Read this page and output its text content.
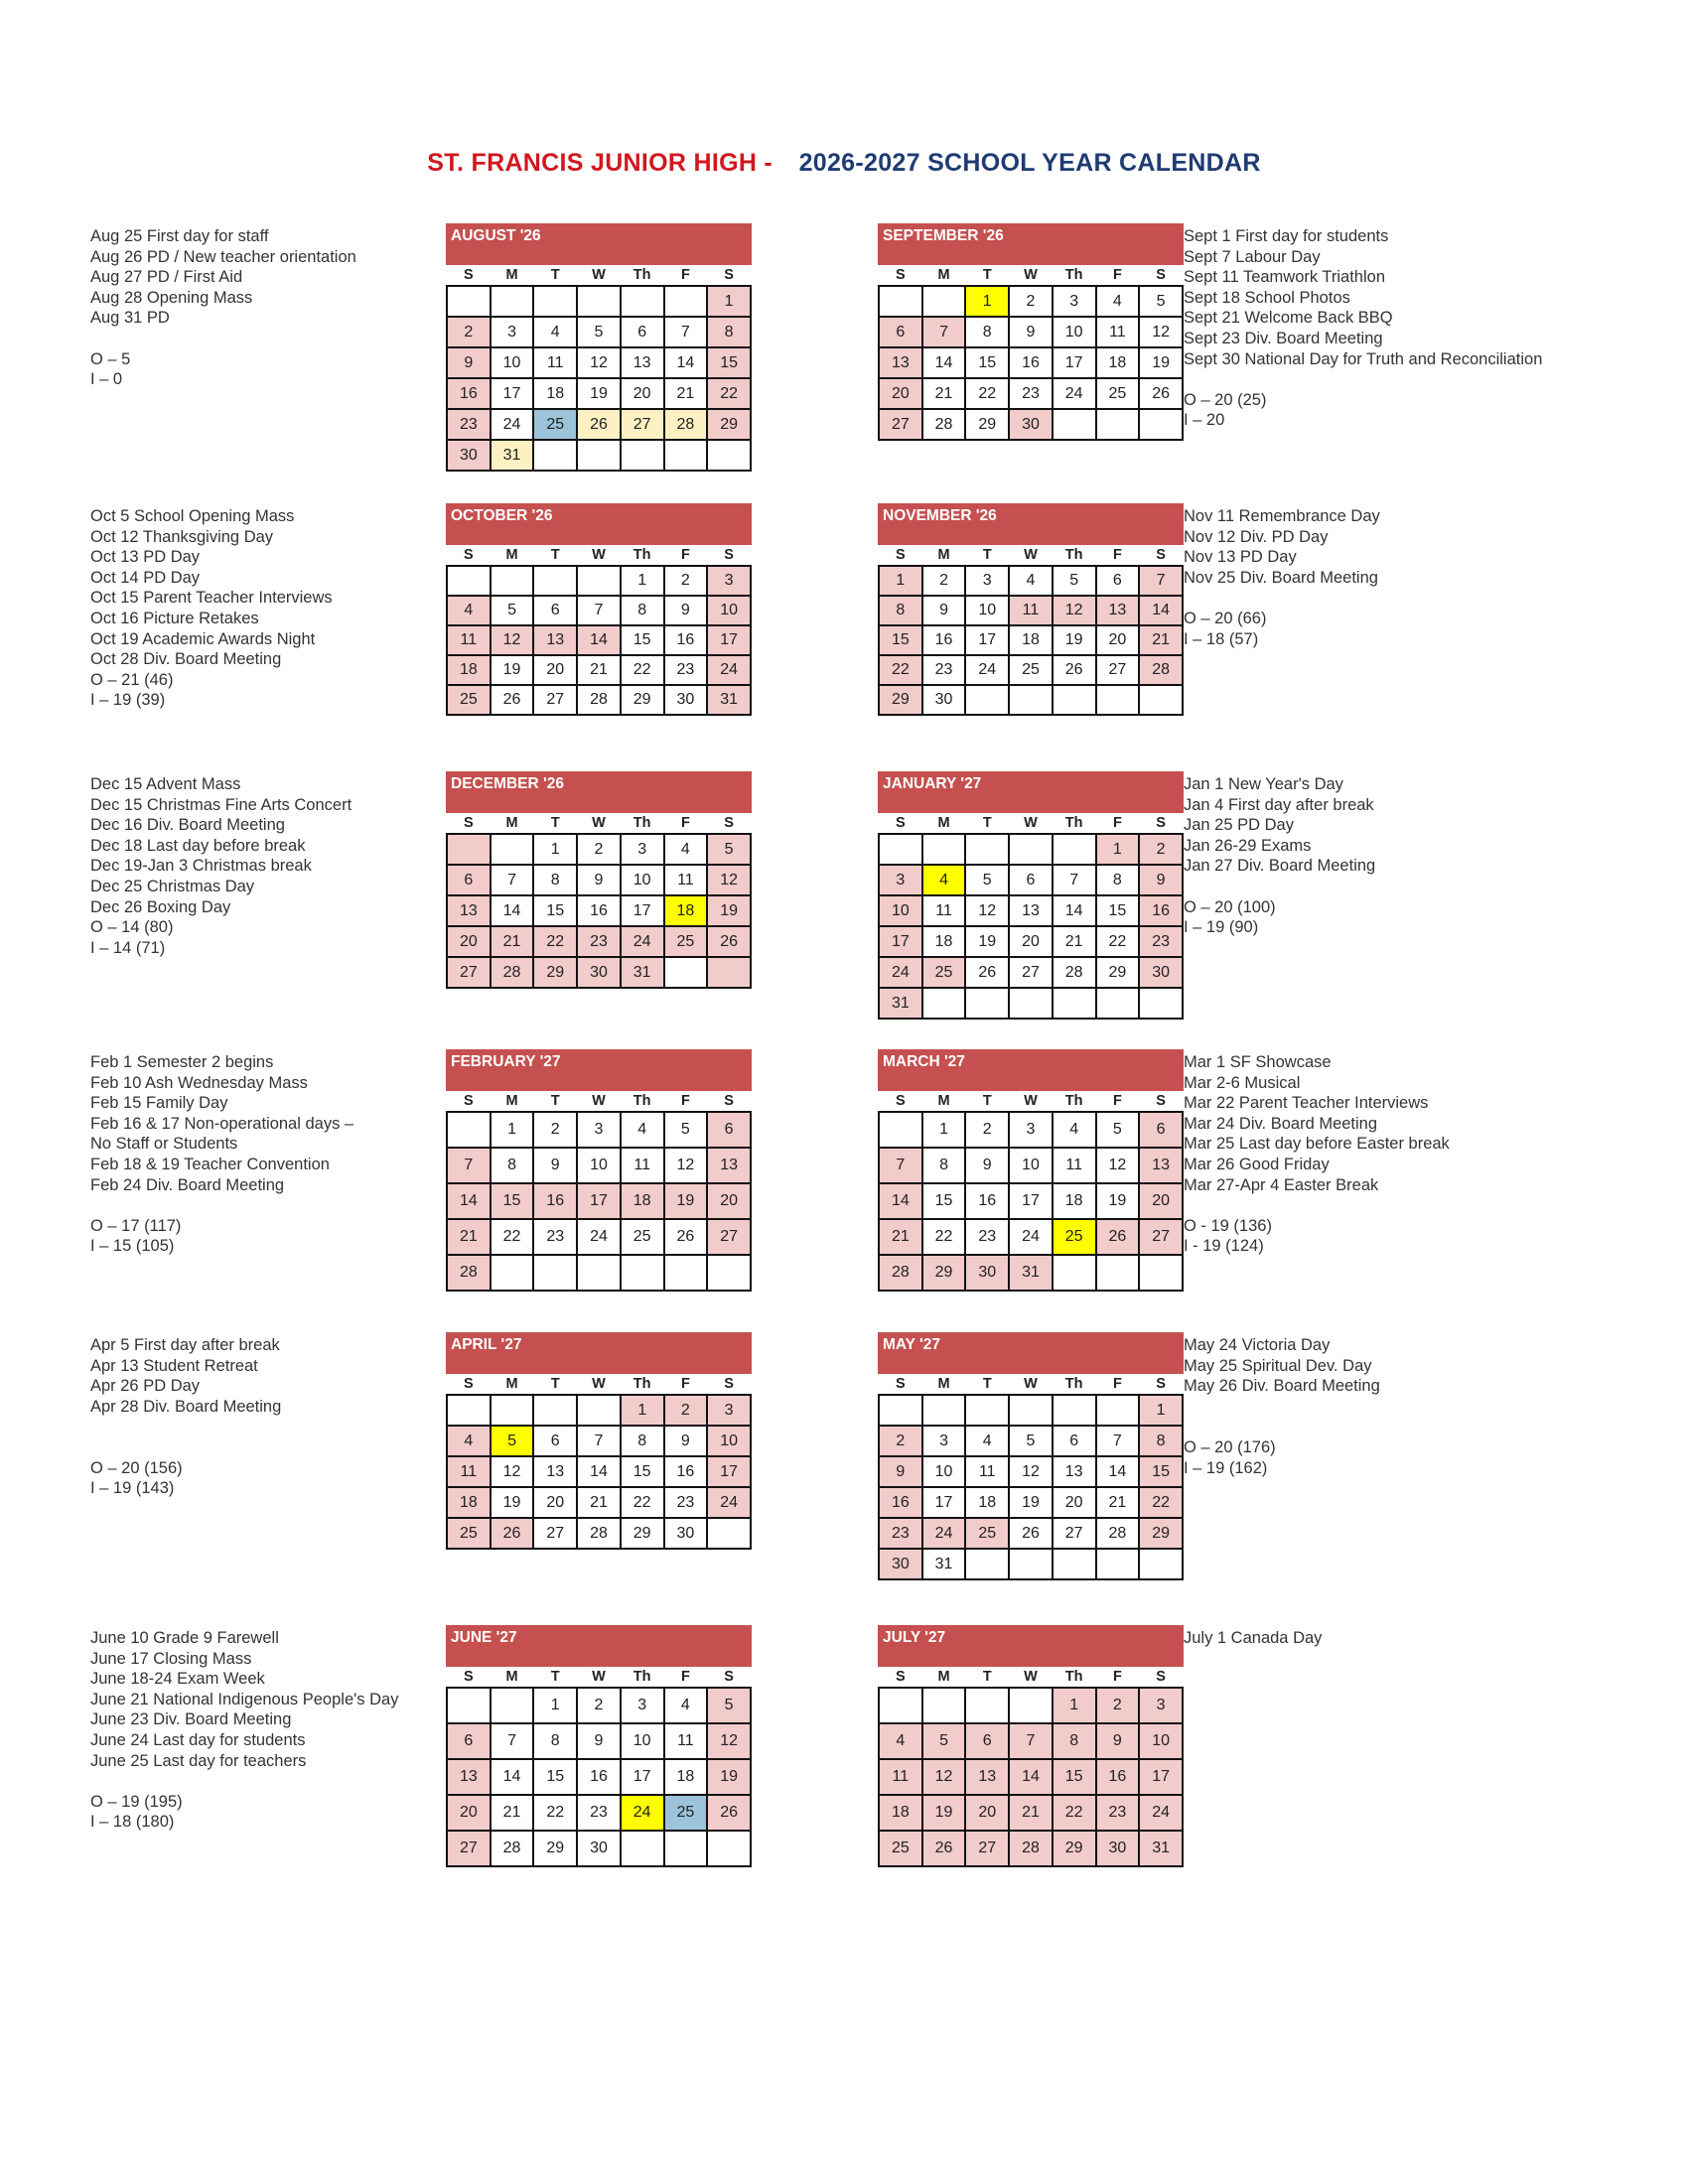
ST. FRANCIS JUNIOR HIGH - 2026-2027 SCHOOL YEAR CALENDAR
Aug 25 First day for staff
Aug 26 PD / New teacher orientation
Aug 27 PD / First Aid
Aug 28 Opening Mass
Aug 31 PD
O – 5
I – 0
Sept 1 First day for students
Sept 7 Labour Day
Sept 11 Teamwork Triathlon
Sept 18 School Photos
Sept 21 Welcome Back BBQ
Sept 23 Div. Board Meeting
Sept 30 National Day for Truth and Reconciliation
O – 20 (25)
I – 20
AUGUST '26
S	M	T	W	Th	F	S
						1
2	3	4	5	6	7	8
9	10	11	12	13	14	15
16	17	18	19	20	21	22
23	24	25	26	27	28	29
30	31					
SEPTEMBER '26
S	M	T	W	Th	F	S
		1	2	3	4	5
6	7	8	9	10	11	12
13	14	15	16	17	18	19
20	21	22	23	24	25	26
27	28	29	30			
Oct 5 School Opening Mass
Oct 12 Thanksgiving Day
Oct 13 PD Day
Oct 14 PD Day
Oct 15 Parent Teacher Interviews
Oct 16 Picture Retakes
Oct 19 Academic Awards Night
Oct 28 Div. Board Meeting
O – 21 (46)
I – 19 (39)
Nov 11 Remembrance Day
Nov 12 Div. PD Day
Nov 13 PD Day
Nov 25 Div. Board Meeting
O – 20 (66)
I – 18 (57)
OCTOBER '26
S	M	T	W	Th	F	S
				1	2	3
4	5	6	7	8	9	10
11	12	13	14	15	16	17
18	19	20	21	22	23	24
25	26	27	28	29	30	31
NOVEMBER '26
S	M	T	W	Th	F	S
1	2	3	4	5	6	7
8	9	10	11	12	13	14
15	16	17	18	19	20	21
22	23	24	25	26	27	28
29	30					
Dec 15 Advent Mass
Dec 15 Christmas Fine Arts Concert
Dec 16 Div. Board Meeting
Dec 18 Last day before break
Dec 19-Jan 3 Christmas break
Dec 25 Christmas Day
Dec 26 Boxing Day
O – 14 (80)
I – 14 (71)
Jan 1 New Year's Day
Jan 4 First day after break
Jan 25 PD Day
Jan 26-29 Exams
Jan 27 Div. Board Meeting
O – 20 (100)
I – 19 (90)
DECEMBER '26
S	M	T	W	Th	F	S
		1	2	3	4	5
6	7	8	9	10	11	12
13	14	15	16	17	18	19
20	21	22	23	24	25	26
27	28	29	30	31		
JANUARY '27
S	M	T	W	Th	F	S
					1	2
3	4	5	6	7	8	9
10	11	12	13	14	15	16
17	18	19	20	21	22	23
24	25	26	27	28	29	30
31						
Feb 1 Semester 2 begins
Feb 10 Ash Wednesday Mass
Feb 15 Family Day
Feb 16 & 17 Non-operational days –
No Staff or Students
Feb 18 & 19 Teacher Convention
Feb 24 Div. Board Meeting
O – 17 (117)
I – 15 (105)
Mar 1 SF Showcase
Mar 2-6 Musical
Mar 22 Parent Teacher Interviews
Mar 24 Div. Board Meeting
Mar 25 Last day before Easter break
Mar 26 Good Friday
Mar 27-Apr 4 Easter Break
O - 19 (136)
I - 19 (124)
FEBRUARY '27
S	M	T	W	Th	F	S
	1	2	3	4	5	6
7	8	9	10	11	12	13
14	15	16	17	18	19	20
21	22	23	24	25	26	27
28						
MARCH '27
S	M	T	W	Th	F	S
	1	2	3	4	5	6
7	8	9	10	11	12	13
14	15	16	17	18	19	20
21	22	23	24	25	26	27
28	29	30	31			
Apr 5 First day after break
Apr 13 Student Retreat
Apr 26 PD Day
Apr 28 Div. Board Meeting
O – 20 (156)
I – 19 (143)
May 24 Victoria Day
May 25 Spiritual Dev. Day
May 26 Div. Board Meeting
O – 20 (176)
I – 19 (162)
APRIL '27
S	M	T	W	Th	F	S
				1	2	3
4	5	6	7	8	9	10
11	12	13	14	15	16	17
18	19	20	21	22	23	24
25	26	27	28	29	30	
MAY '27
S	M	T	W	Th	F	S
						1
2	3	4	5	6	7	8
9	10	11	12	13	14	15
16	17	18	19	20	21	22
23	24	25	26	27	28	29
30	31					
June 10 Grade 9 Farewell
June 17 Closing Mass
June 18-24 Exam Week
June 21 National Indigenous People's Day
June 23 Div. Board Meeting
June 24 Last day for students
June 25 Last day for teachers
O – 19 (195)
I – 18 (180)
July 1 Canada Day
JUNE '27
S	M	T	W	Th	F	S
		1	2	3	4	5
6	7	8	9	10	11	12
13	14	15	16	17	18	19
20	21	22	23	24	25	26
27	28	29	30			
JULY '27
S	M	T	W	Th	F	S
				1	2	3
4	5	6	7	8	9	10
11	12	13	14	15	16	17
18	19	20	21	22	23	24
25	26	27	28	29	30	31
